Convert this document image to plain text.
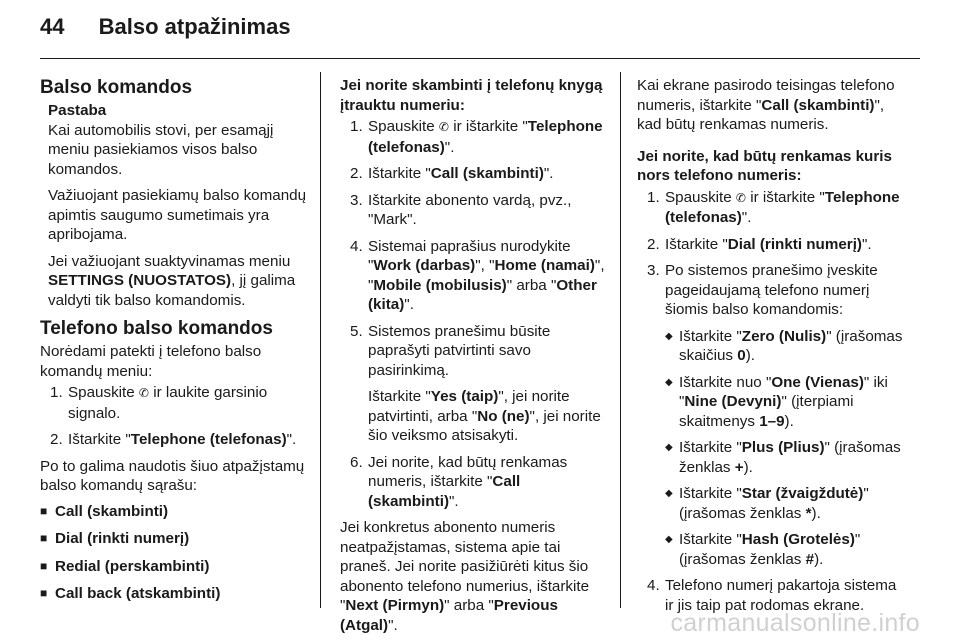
44 Balso atpažinimas
Balso komandos

Pastaba
Kai automobilis stovi, per esamąjį meniu pasiekiamos visos balso komandos.

Važiuojant pasiekiamų balso komandų apimtis saugumo sumetimais yra apribojama.

Jei važiuojant suaktyvinamas meniu SETTINGS (NUOSTATOS), jį galima valdyti tik balso komandomis.

Telefono balso komandos

Norėdami patekti į telefono balso komandų meniu:

1. Spauskite ✆ ir laukite garsinio signalo.
2. Ištarkite "Telephone (telefonas)".

Po to galima naudotis šiuo atpažįstamų balso komandų sąrašu:

■ Call (skambinti)
■ Dial (rinkti numerį)
■ Redial (perskambinti)
■ Call back (atskambinti)

Jei norite skambinti į telefonų knygą įtrauktu numeriu:

1. Spauskite ✆ ir ištarkite "Telephone (telefonas)".
2. Ištarkite "Call (skambinti)".
3. Ištarkite abonento vardą, pvz., "Mark".
4. Sistemai paprašius nurodykite "Work (darbas)", "Home (namai)", "Mobile (mobilusis)" arba "Other (kita)".
5. Sistemos pranešimu būsite paprašyti patvirtinti savo pasirinkimą.

Ištarkite "Yes (taip)", jei norite patvirtinti, arba "No (ne)", jei norite šio veiksmo atsisakyti.

6. Jei norite, kad būtų renkamas numeris, ištarkite "Call (skambinti)".

Jei konkretus abonento numeris neatpažįstamas, sistema apie tai praneš. Jei norite pasižiūrėti kitus šio abonento telefono numerius, ištarkite "Next (Pirmyn)" arba "Previous (Atgal)".

Kai ekrane pasirodo teisingas telefono numeris, ištarkite "Call (skambinti)", kad būtų renkamas numeris.

Jei norite, kad būtų renkamas kuris nors telefono numeris:

1. Spauskite ✆ ir ištarkite "Telephone (telefonas)".
2. Ištarkite "Dial (rinkti numerį)".
3. Po sistemos pranešimo įveskite pageidaujamą telefono numerį šiomis balso komandomis:
◆ Ištarkite "Zero (Nulis)" (įrašomas skaičius 0).
◆ Ištarkite nuo "One (Vienas)" iki "Nine (Devyni)" (įterpiami skaitmenys 1–9).
◆ Ištarkite "Plus (Plius)" (įrašomas ženklas +).
◆ Ištarkite "Star (žvaigždutė)" (įrašomas ženklas *).
◆ Ištarkite "Hash (Grotelės)" (įrašomas ženklas #).
4. Telefono numerį pakartoja sistema ir jis taip pat rodomas ekrane.
carmanualsonline.info
